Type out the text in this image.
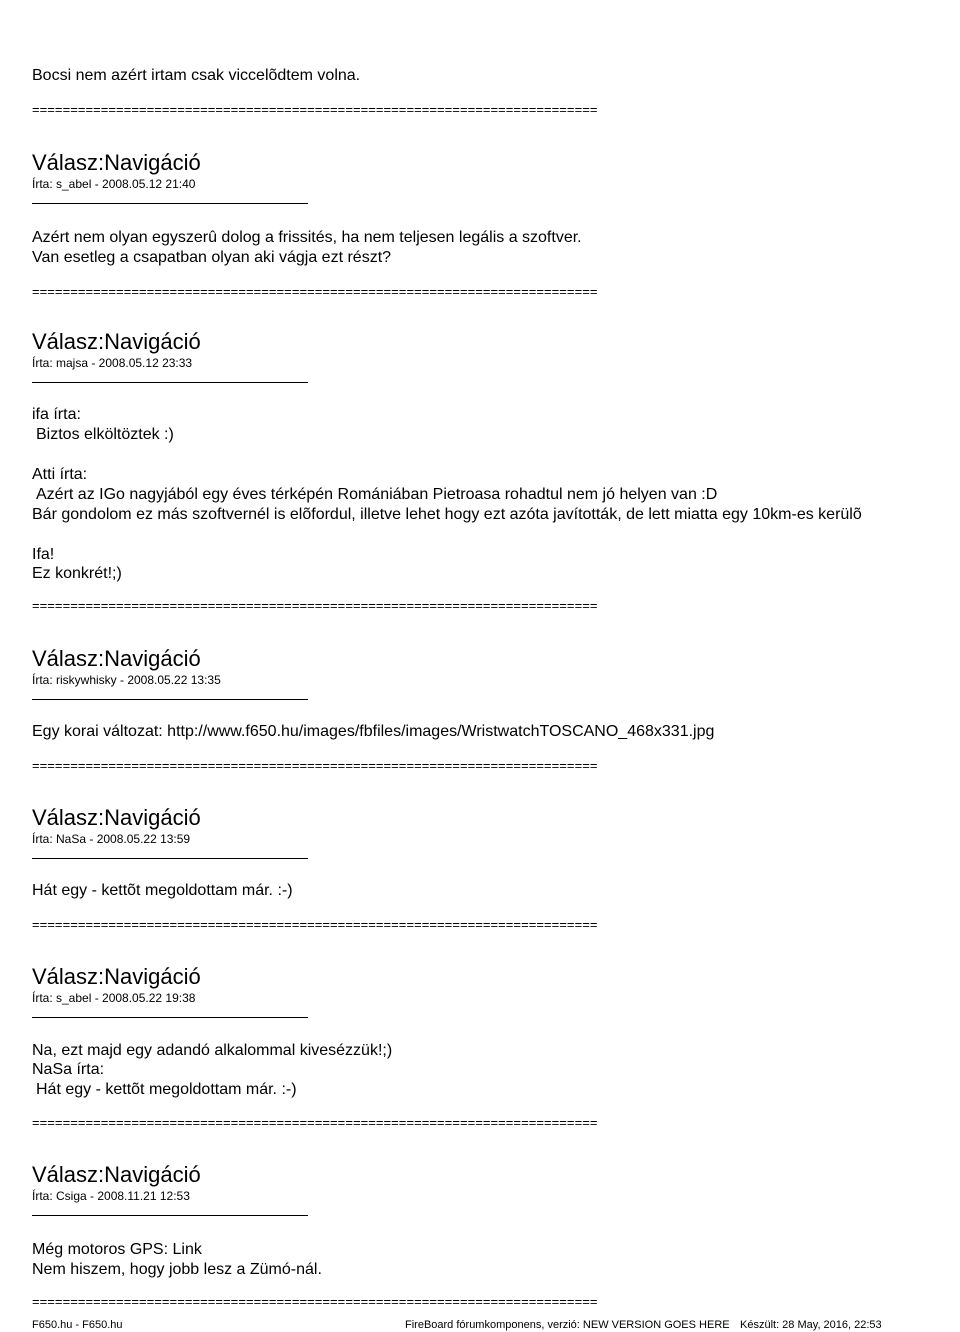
Bocsi nem azért irtam csak viccelõdtem volna.
==========================================================================
Válasz:Navigáció
Írta: s_abel - 2008.05.12 21:40
Azért nem olyan egyszerû dolog a frissités, ha nem teljesen legális a szoftver.
Van esetleg a csapatban olyan aki vágja ezt részt?
==========================================================================
Válasz:Navigáció
Írta: majsa - 2008.05.12 23:33
ifa írta:
Biztos elköltöztek :)
Atti írta:
Azért az IGo nagyjából egy éves térképén Romániában Pietroasa rohadtul nem jó helyen van :D
Bár gondolom ez más szoftvernél is elõfordul, illetve lehet hogy ezt azóta javították, de lett miatta egy 10km-es kerülõ
Ifa!
Ez konkrét!;)
==========================================================================
Válasz:Navigáció
Írta: riskywhisky - 2008.05.22 13:35
Egy korai változat: http://www.f650.hu/images/fbfiles/images/WristwatchTOSCANO_468x331.jpg
==========================================================================
Válasz:Navigáció
Írta: NaSa - 2008.05.22 13:59
Hát egy - kettõt megoldottam már. :-)
==========================================================================
Válasz:Navigáció
Írta: s_abel - 2008.05.22 19:38
Na, ezt majd egy adandó alkalommal kivesézzük!;)
NaSa írta:
Hát egy - kettõt megoldottam már. :-)
==========================================================================
Válasz:Navigáció
Írta: Csiga - 2008.11.21 12:53
Még motoros GPS: Link
Nem hiszem, hogy jobb lesz a Zümó-nál.
==========================================================================
F650.hu - F650.hu	FireBoard fórumkomponens, verzió: NEW VERSION GOES HERE Készült: 28 May, 2016, 22:53
